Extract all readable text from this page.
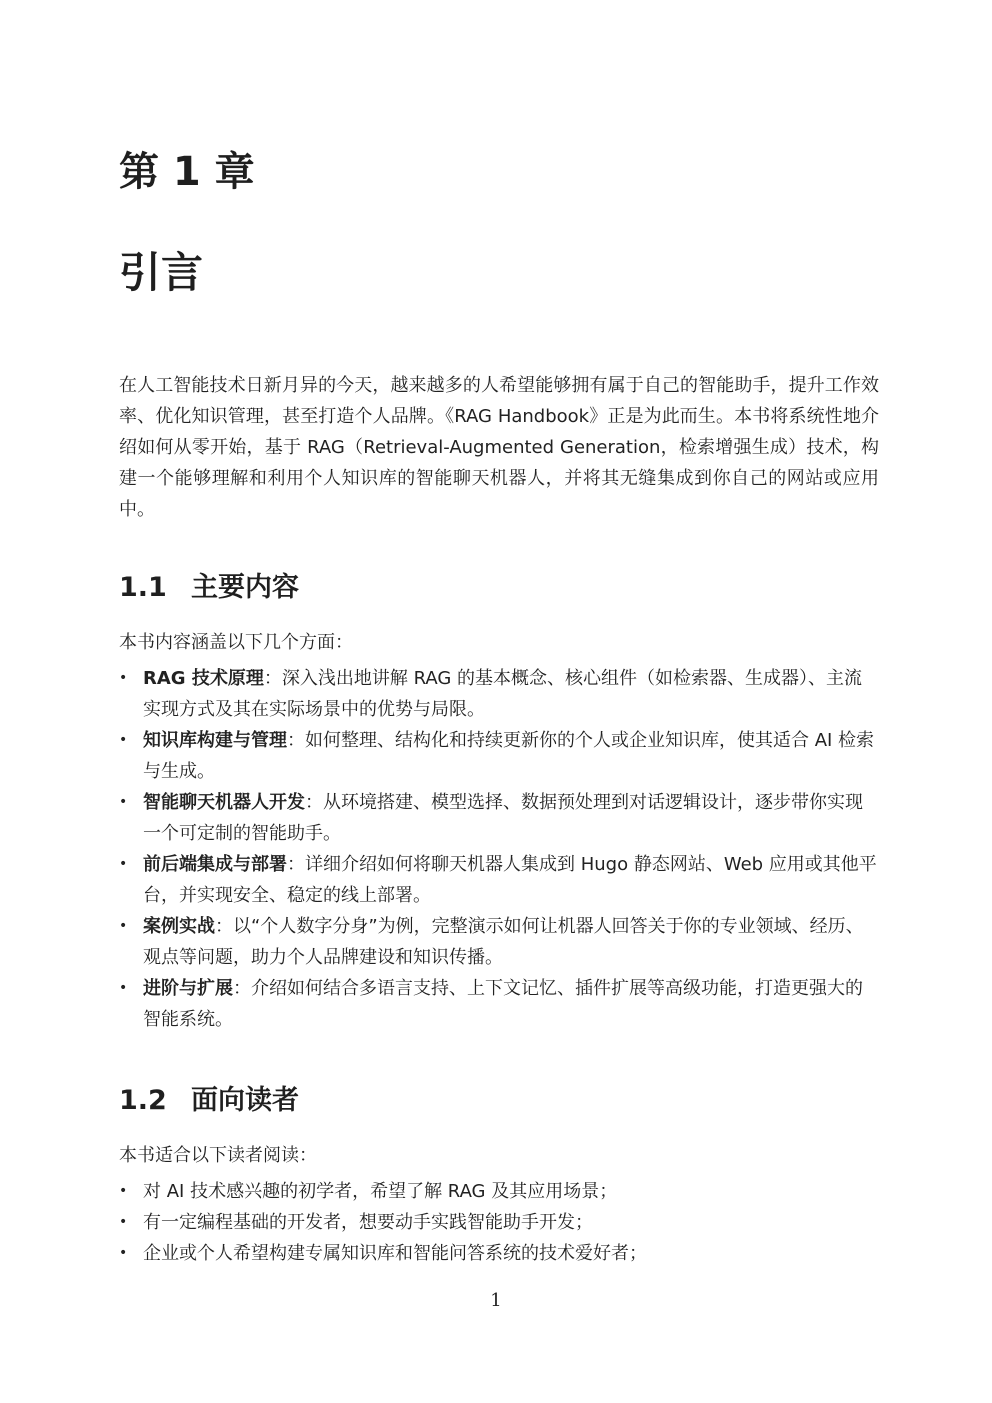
第 1 章
引言

在人工智能技术日新月异的今天，越来越多的人希望能够拥有属于自己的智能助手，提升工作效率、优化知识管理，甚至打造个人品牌。《RAG Handbook》正是为此而生。本书将系统性地介绍如何从零开始，基于 RAG（Retrieval-Augmented Generation，检索增强生成）技术，构建一个能够理解和利用个人知识库的智能聊天机器人，并将其无缝集成到你自己的网站或应用中。

1.1 主要内容

本书内容涵盖以下几个方面：

• RAG 技术原理：深入浅出地讲解 RAG 的基本概念、核心组件（如检索器、生成器）、主流实现方式及其在实际场景中的优势与局限。
• 知识库构建与管理：如何整理、结构化和持续更新你的个人或企业知识库，使其适合 AI 检索与生成。
• 智能聊天机器人开发：从环境搭建、模型选择、数据预处理到对话逻辑设计，逐步带你实现一个可定制的智能助手。
• 前后端集成与部署：详细介绍如何将聊天机器人集成到 Hugo 静态网站、Web 应用或其他平台，并实现安全、稳定的线上部署。
• 案例实战：以“个人数字分身”为例，完整演示如何让机器人回答关于你的专业领域、经历、观点等问题，助力个人品牌建设和知识传播。
• 进阶与扩展：介绍如何结合多语言支持、上下文记忆、插件扩展等高级功能，打造更强大的智能系统。
1.2 面向读者

本书适合以下读者阅读：

• 对 AI 技术感兴趣的初学者，希望了解 RAG 及其应用场景；
• 有一定编程基础的开发者，想要动手实践智能助手开发；
• 企业或个人希望构建专属知识库和智能问答系统的技术爱好者；
1
